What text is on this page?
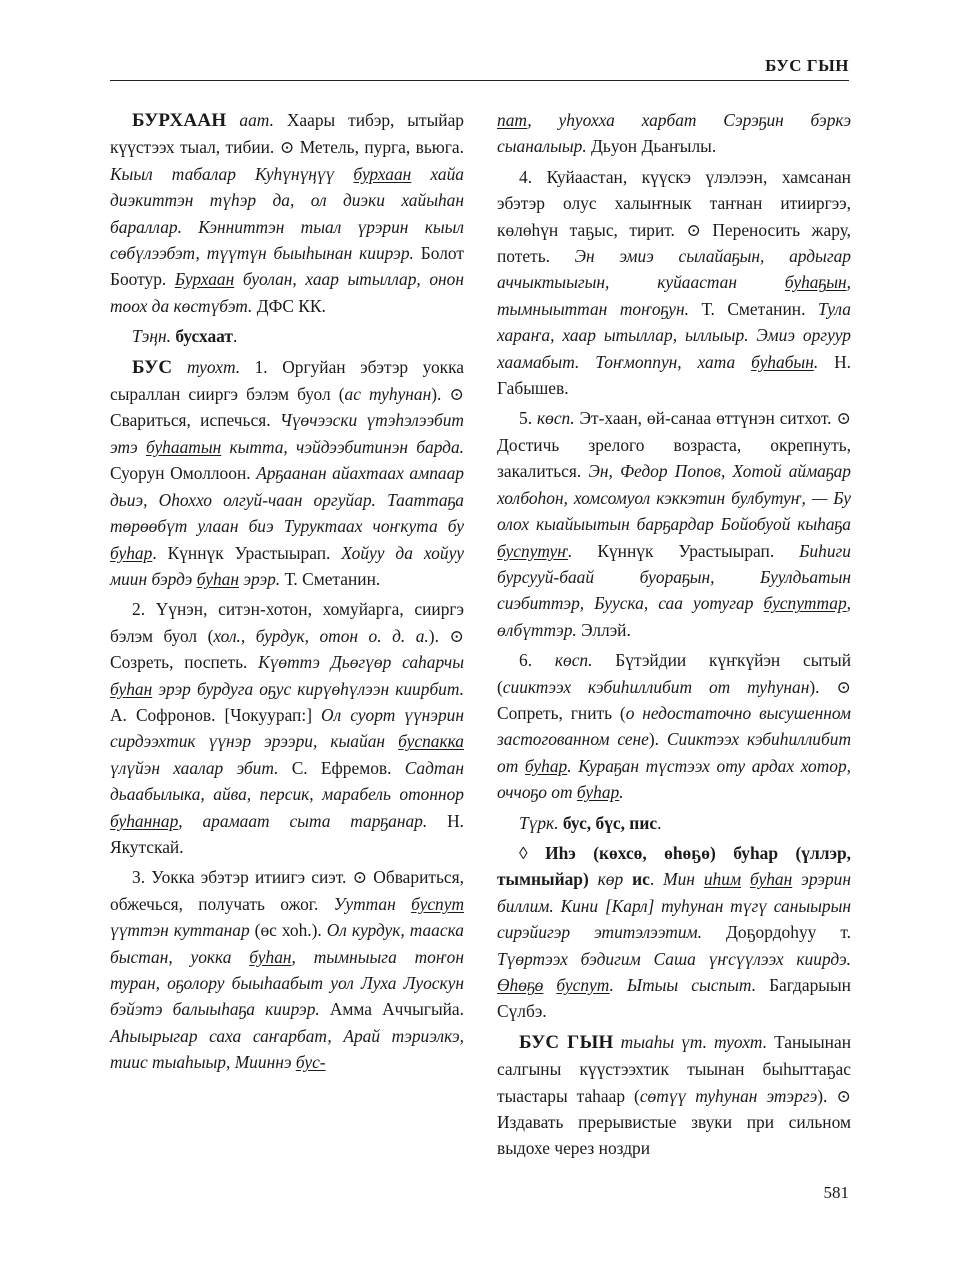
БУС ГЫН

БУРХААН аат. Хаары тибэр, ытыйар күүстээх тыал, тибии. ⊙ Метель, пурга, вьюга. Кыыл табалар Куhүнүңүү бурхаан хайа диэкиттэн түhэр да, ол диэки хайыhан бараллар. Кэнниттэн тыал үрэрин кыыл сөбүлээбэт, түүтүн быыhынан киирэр. Болот Боотур. Бурхаан буолан, хаар ытыллар, онон тоох да көстүбэт. ДФС КК.

Тэңн. бусхаат.

БУС туохт. 1. Оргуйан эбэтэр уокка сыраллан сииргэ бэлэм буол (ас туhунан). ⊙ Свариться, испечься. Чүөчээски үтэhэлээбит этэ буhаатын кытта, чэйдээбитинэн барда. Суорун Омоллоон. Арҕаанан айахтаах ампаар дьиэ, Оhоххо олгуй-чаан оргуйар. Тааттаҕа төрөөбүт улаан биэ Туруктаах чоҥкута бу буhар. Күннүк Урастыырап. Хойуу да хойуу миин бэрдэ буhан эрэр. Т. Сметанин.

2. Үүнэн, ситэн-хотон, хомуйарга, сииргэ бэлэм буол (хол., бурдук, отон о. д. а.). ⊙ Созреть, поспеть. Күөттэ Дьөгүөр саhарчы буhан эрэр бурдуга оҕус кирүөhүлээн киирбит. А. Софронов. [Чокуурап:] Ол суорт үүнэрин сирдээхтик үүнэр эрээри, кыайан буспакка үлүйэн хаалар эбит. С. Ефремов. Садтан дьаабылыка, айва, персик, марабель отоннор буhаннар, арамаат сыта тарҕанар. Н. Якутскай.

3. Уокка эбэтэр итиигэ сиэт. ⊙ Обвариться, обжечься, получать ожог. Ууттан буспут үүттэн куттанар (өс хоh.). Ол курдук, тааска быстан, уокка буhан, тымныыга тоҥон туран, оҕолору быыhаабыт уол Луха Луоскун бэйэтэ балыыhаҕа киирэр. Амма Аччыгыйа. Аhыырыгар саха саҥарбат, Арай тэриэлкэ, тиис тыаhыыр, Мииннэ бус-

пат, уhуохха харбат Сэрэҕин бэркэ сыаналыыр. Дьуон Дьаҥылы.

4. Куйаастан, күүскэ үлэлээн, хамсанан эбэтэр олус халыҥнык таҥнан итииргээ, көлөhүн таҕыс, тирит. ⊙ Переносить жару, потеть. Эн эмиэ сылайаҕын, ардыгар аччыктыыгын, куйаастан буhаҕын, тымныыттан тоҥоҕун. Т. Сметанин. Тула хараҥа, хаар ытыллар, ыллыыр. Эмиэ оргуур хаамабыт. Тоҥмоппун, хата буhабын. Н. Габышев.

5. көсп. Эт-хаан, өй-санаа өттүнэн ситхот. ⊙ Достичь зрелого возраста, окрепнуть, закалиться. Эн, Федор Попов, Хотой аймаҕар холбоhон, хомсомуол кэккэтин булбутуҥ, — Бу олох кыайыытын барҕардар Бойобуой кыhаҕа буспутуҥ. Күннүк Урастыырап. Биhиги бурсууй-баай буораҕын, Буулдьатын сиэбиттэр, Бууска, саа уотугар буспуттар, өлбүттэр. Эллэй.

6. көсп. Бүтэйдии күҥкүйэн сытый (сииктээх кэбиhиллибит от туhунан). ⊙ Сопреть, гнить (о недостаточно высушенном застогованном сене). Сииктээх кэбиhиллибит от буhар. Кураҕан түстээх оту ардах хотор, оччоҕо от буhар.

Түрк. бус, бүс, пис.

◊ Иhэ (көхсө, өhөҕө) буhар (үллэр, тымныйар) көр ис. Мин иhим буhан эрэрин биллим. Кини [Карл] туhунан түгү саныырын сирэйигэр этитэлээтим. Доҕордоhуу т. Түөртээх бэдигим Саша үҥсүүлээх киирдэ. Өhөҕө буспут. Ытыы сыспыт. Багдарыын Сүлбэ.

БУС ГЫН тыаhы үт. туохт. Таныынан салгыны күүстээхтик тыынан быhыттаҕас тыастары таhаар (сөтүү туhунан этэргэ). ⊙ Издавать прерывистые звуки при сильном выдохе через ноздри

581
